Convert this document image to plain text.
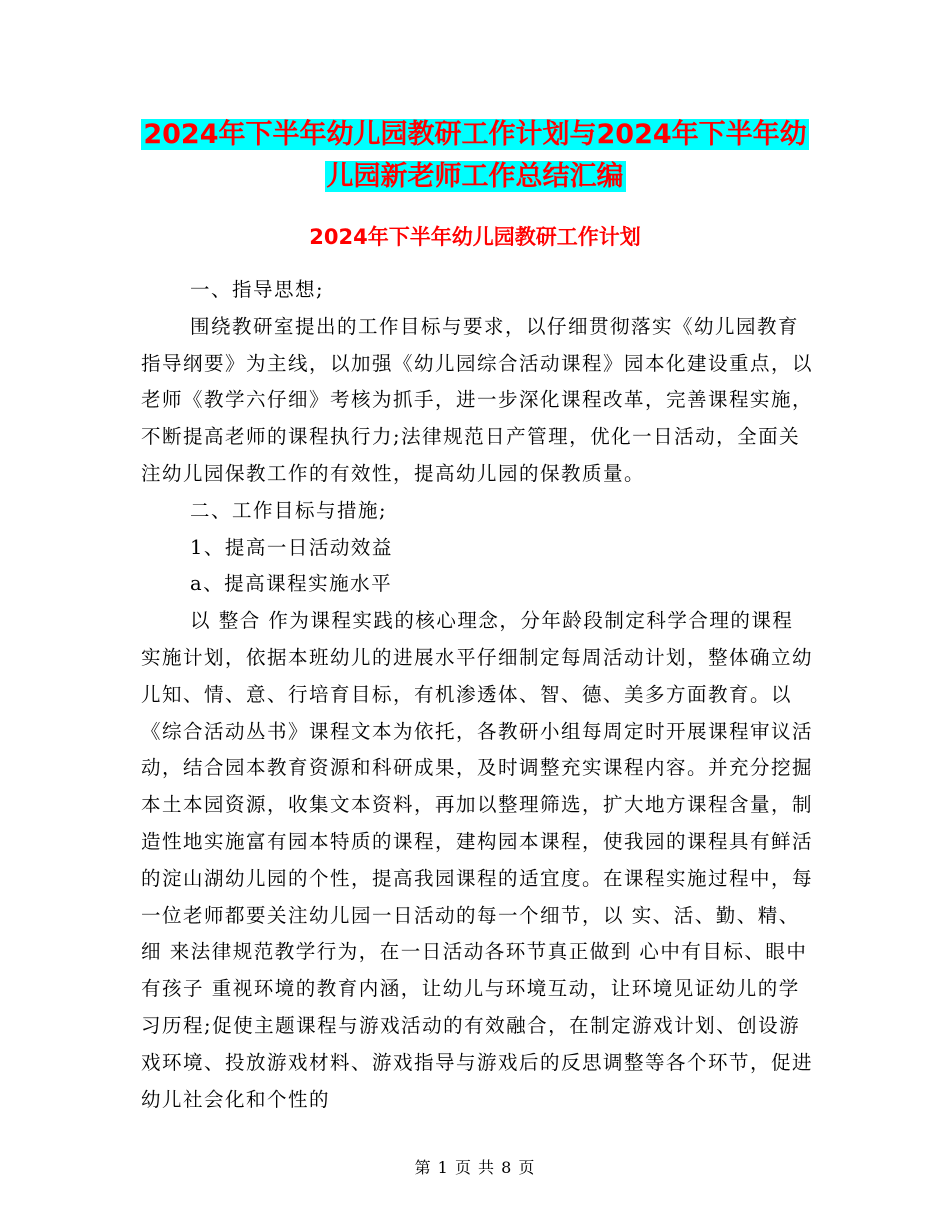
2024年下半年幼儿园教研工作计划与2024年下半年幼
儿园新老师工作总结汇编
2024年下半年幼儿园教研工作计划

一、指导思想;

围绕教研室提出的工作目标与要求，以仔细贯彻落实《幼儿园教育指导纲要》为主线，以加强《幼儿园综合活动课程》园本化建设重点，以老师《教学六仔细》考核为抓手，进一步深化课程改革，完善课程实施，不断提高老师的课程执行力;法律规范日产管理，优化一日活动，全面关注幼儿园保教工作的有效性，提高幼儿园的保教质量。

二、工作目标与措施;

1、提高一日活动效益

a、提高课程实施水平

以 整合 作为课程实践的核心理念，分年龄段制定科学合理的课程实施计划，依据本班幼儿的进展水平仔细制定每周活动计划，整体确立幼儿知、情、意、行培育目标，有机渗透体、智、德、美多方面教育。以《综合活动丛书》课程文本为依托，各教研小组每周定时开展课程审议活动，结合园本教育资源和科研成果，及时调整充实课程内容。并充分挖掘本土本园资源，收集文本资料，再加以整理筛选，扩大地方课程含量，制造性地实施富有园本特质的课程，建构园本课程，使我园的课程具有鲜活的淀山湖幼儿园的个性，提高我园课程的适宜度。在课程实施过程中，每一位老师都要关注幼儿园一日活动的每一个细节，以 实、活、勤、精、细 来法律规范教学行为，在一日活动各环节真正做到 心中有目标、眼中有孩子 重视环境的教育内涵，让幼儿与环境互动，让环境见证幼儿的学习历程;促使主题课程与游戏活动的有效融合，在制定游戏计划、创设游戏环境、投放游戏材料、游戏指导与游戏后的反思调整等各个环节，促进幼儿社会化和个性的

第 1 页 共 8 页
